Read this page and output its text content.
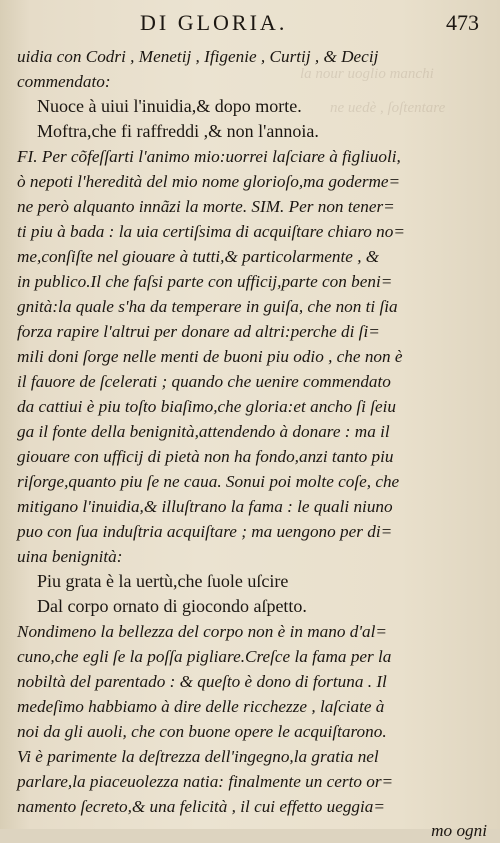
la nour uoglio manchi
ne uedè , ſoſtentare
DI GLORIA.	473
uidia con Codri , Menetij , Ifigenie , Curtij , & Decij
commendato:
Nuoce à uiui l'inuidia,& dopo morte.
Moftra,che fi raffreddi ,& non l'annoia.
FI. Per cõfeſſarti l'animo mio:uorrei laſciare à figliuoli,
ò nepoti l'heredità del mio nome glorioſo,ma goderme=
ne però alquanto innãzi la morte. SIM. Per non tener=
ti piu à bada : la uia certiſsima di acquiſtare chiaro no=
me,conſiſte nel giouare à tutti,& particolarmente , &
in publico.Il che faſsi parte con ufficij,parte con beni=
gnità:la quale s'ha da temperare in guiſa, che non ti ſia
forza rapire l'altrui per donare ad altri:perche di ſi=
mili doni ſorge nelle menti de buoni piu odio , che non è
il fauore de ſcelerati ; quando che uenire commendato
da cattiui è piu toſto biaſimo,che gloria:et ancho ſi ſeiu
ga il fonte della benignità,attendendo à donare : ma il
giouare con ufficij di pietà non ha fondo,anzi tanto piu
riſorge,quanto piu ſe ne caua. Sonui poi molte coſe, che
mitigano l'inuidia,& illuſtrano la fama : le quali niuno
puo con ſua induſtria acquiſtare ; ma uengono per di=
uina benignità:
Piu grata è la uertù,che ſuole uſcire
Dal corpo ornato di giocondo aſpetto.
Nondimeno la bellezza del corpo non è in mano d'al=
cuno,che egli ſe la poſſa pigliare.Creſce la fama per la
nobiltà del parentado : & queſto è dono di fortuna . Il
medeſimo habbiamo à dire delle ricchezze , laſciate à
noi da gli auoli, che con buone opere le acquiſtarono.
Vi è parimente la deſtrezza dell'ingegno,la gratia nel
parlare,la piaceuolezza natia: finalmente un certo or=
namento ſecreto,& una felicità , il cui effetto ueggia=
mo ogni
